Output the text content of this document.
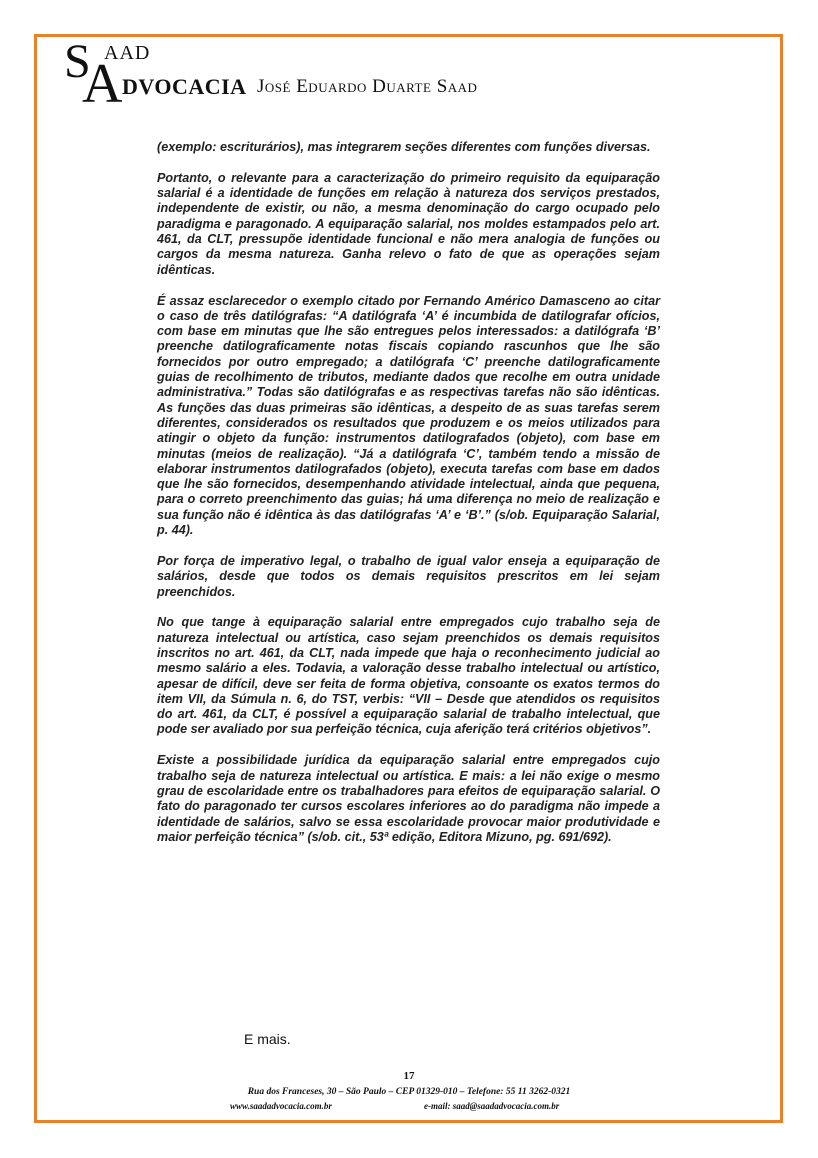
S
A
AAD
DVOCACIA José Eduardo Duarte Saad

(exemplo: escriturários), mas integrarem seções diferentes com funções diversas.

Portanto, o relevante para a caracterização do primeiro requisito da equiparação salarial é a identidade de funções em relação à natureza dos serviços prestados, independente de existir, ou não, a mesma denominação do cargo ocupado pelo paradigma e paragonado. A equiparação salarial, nos moldes estampados pelo art. 461, da CLT, pressupõe identidade funcional e não mera analogia de funções ou cargos da mesma natureza. Ganha relevo o fato de que as operações sejam idênticas.

É assaz esclarecedor o exemplo citado por Fernando Américo Damasceno ao citar o caso de três datilógrafas: “A datilógrafa ‘A’ é incumbida de datilografar ofícios, com base em minutas que lhe são entregues pelos interessados: a datilógrafa ‘B’ preenche datilograficamente notas fiscais copiando rascunhos que lhe são fornecidos por outro empregado; a datilógrafa ‘C’ preenche datilograficamente guias de recolhimento de tributos, mediante dados que recolhe em outra unidade administrativa.” Todas são datilógrafas e as respectivas tarefas não são idênticas. As funções das duas primeiras são idênticas, a despeito de as suas tarefas serem diferentes, considerados os resultados que produzem e os meios utilizados para atingir o objeto da função: instrumentos datilografados (objeto), com base em minutas (meios de realização). “Já a datilógrafa ‘C’, também tendo a missão de elaborar instrumentos datilografados (objeto), executa tarefas com base em dados que lhe são fornecidos, desempenhando atividade intelectual, ainda que pequena, para o correto preenchimento das guias; há uma diferença no meio de realização e sua função não é idêntica às das datilógrafas ‘A’ e ‘B’.” (s/ob. Equiparação Salarial, p. 44).

Por força de imperativo legal, o trabalho de igual valor enseja a equiparação de salários, desde que todos os demais requisitos prescritos em lei sejam preenchidos.

No que tange à equiparação salarial entre empregados cujo trabalho seja de natureza intelectual ou artística, caso sejam preenchidos os demais requisitos inscritos no art. 461, da CLT, nada impede que haja o reconhecimento judicial ao mesmo salário a eles. Todavia, a valoração desse trabalho intelectual ou artístico, apesar de difícil, deve ser feita de forma objetiva, consoante os exatos termos do item VII, da Súmula n. 6, do TST, verbis: “VII – Desde que atendidos os requisitos do art. 461, da CLT, é possível a equiparação salarial de trabalho intelectual, que pode ser avaliado por sua perfeição técnica, cuja aferição terá critérios objetivos”.

Existe a possibilidade jurídica da equiparação salarial entre empregados cujo trabalho seja de natureza intelectual ou artística. E mais: a lei não exige o mesmo grau de escolaridade entre os trabalhadores para efeitos de equiparação salarial. O fato do paragonado ter cursos escolares inferiores ao do paradigma não impede a identidade de salários, salvo se essa escolaridade provocar maior produtividade e maior perfeição técnica” (s/ob. cit., 53ª edição, Editora Mizuno, pg. 691/692).

E mais.
17
Rua dos Franceses, 30 – São Paulo – CEP 01329-010 – Telefone: 55 11 3262-0321
www.saadadvocacia.com.br	e-mail: saad@saadadvocacia.com.br
